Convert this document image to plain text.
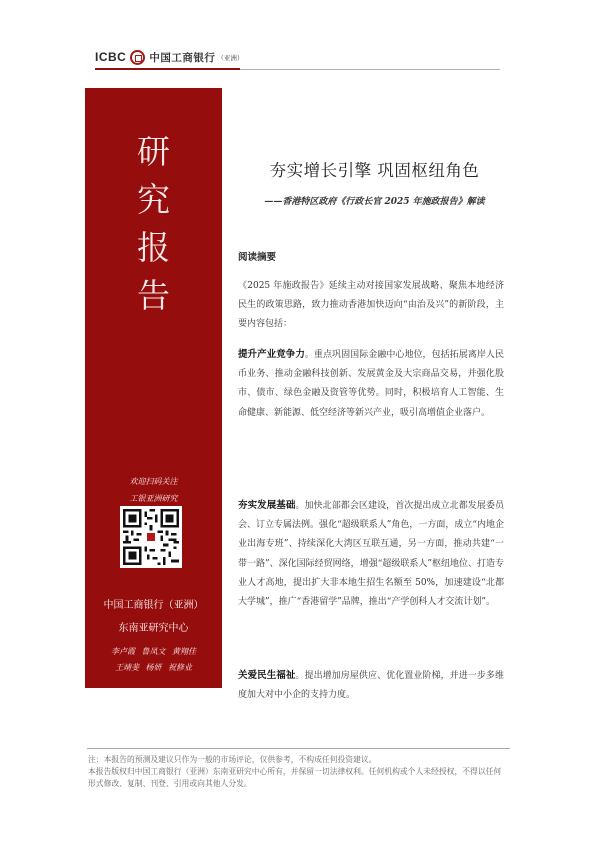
ICBC 中国工商银行 （亚洲）
研
究
报
告
欢迎扫码关注
工银亚洲研究
中国工商银行（亚洲）
东南亚研究中心
李卢霞 鲁凤文 黄翔佳
王靖斐 杨妍 祝修业
夯实增长引擎 巩固枢纽角色
——香港特区政府《行政长官 2025 年施政报告》解读
阅读摘要
《2025 年施政报告》延续主动对接国家发展战略、聚焦本地经济民生的政策思路，致力推动香港加快迈向“由治及兴”的新阶段，主要内容包括：
提升产业竞争力。重点巩固国际金融中心地位，包括拓展离岸人民币业务、推动金融科技创新、发展黄金及大宗商品交易，并强化股市、债市、绿色金融及资管等优势。同时，积极培育人工智能、生命健康、新能源、低空经济等新兴产业，吸引高增值企业落户。
夯实发展基础。加快北部都会区建设，首次提出成立北都发展委员会、订立专属法例。强化“超级联系人”角色，一方面，成立“内地企业出海专班”、持续深化大湾区互联互通，另一方面，推动共建“一带一路”、深化国际经贸网络，增强“超级联系人”枢纽地位、打造专业人才高地，提出扩大非本地生招生名额至 50%，加速建设“北都大学城”，推广“香港留学”品牌，推出“产学创科人才交流计划”。
关爱民生福祉。提出增加房屋供应、优化置业阶梯，并进一步多维度加大对中小企的支持力度。
注：本报告的预测及建议只作为一般的市场评论，仅供参考，不构成任何投资建议。
本报告版权归中国工商银行（亚洲）东南亚研究中心所有，并保留一切法律权利。任何机构或个人未经授权，不得以任何形式修改、复制、刊登、引用或向其他人分发。
